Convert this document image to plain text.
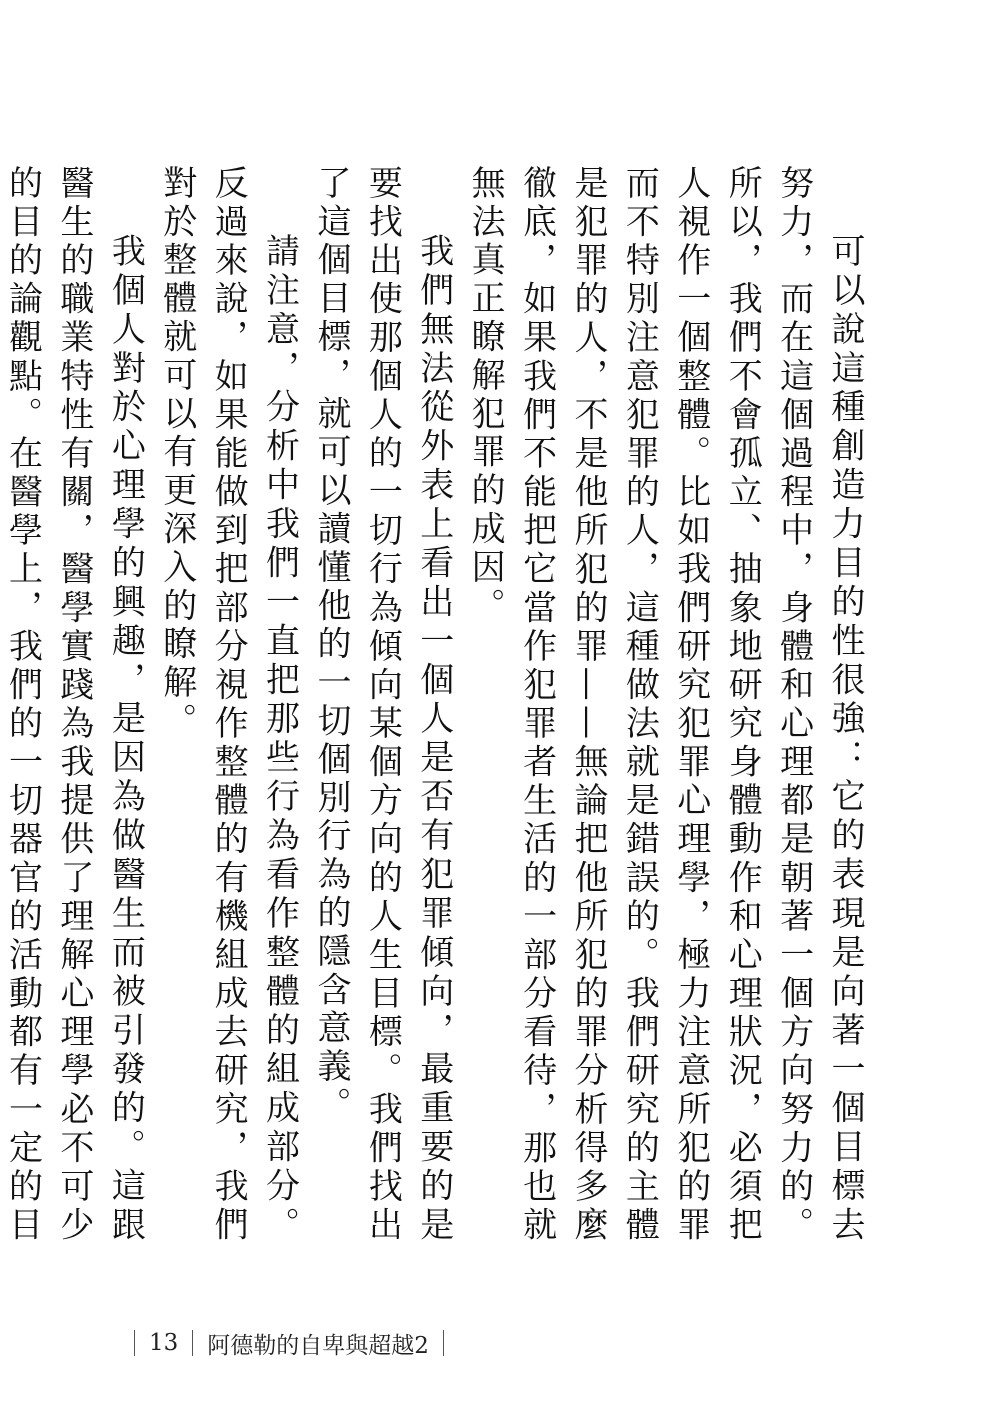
可以說這種創造力目的性很強：它的表現是向著一個目標去努力，而在這個過程中，身體和心理都是朝著一個方向努力的。所以，我們不會孤立、抽象地研究身體動作和心理狀況，必須把人視作一個整體。比如我們研究犯罪心理學，極力注意所犯的罪而不特別注意犯罪的人，這種做法就是錯誤的。我們研究的主體是犯罪的人，不是他所犯的罪——無論把他所犯的罪分析得多麼徹底，如果我們不能把它當作犯罪者生活的一部分看待，那也就無法真正瞭解犯罪的成因。

我們無法從外表上看出一個人是否有犯罪傾向，最重要的是要找出使那個人的一切行為傾向某個方向的人生目標。我們找出了這個目標，就可以讀懂他的一切個別行為的隱含意義。

請注意，分析中我們一直把那些行為看作整體的組成部分。反過來說，如果能做到把部分視作整體的有機組成去研究，我們對於整體就可以有更深入的瞭解。

我個人對於心理學的興趣，是因為做醫生而被引發的。這跟醫生的職業特性有關，醫學實踐為我提供了理解心理學必不可少的目的論觀點。在醫學上，我們的一切器官的活動都有一定的目

13 阿德勒的自卑與超越2
